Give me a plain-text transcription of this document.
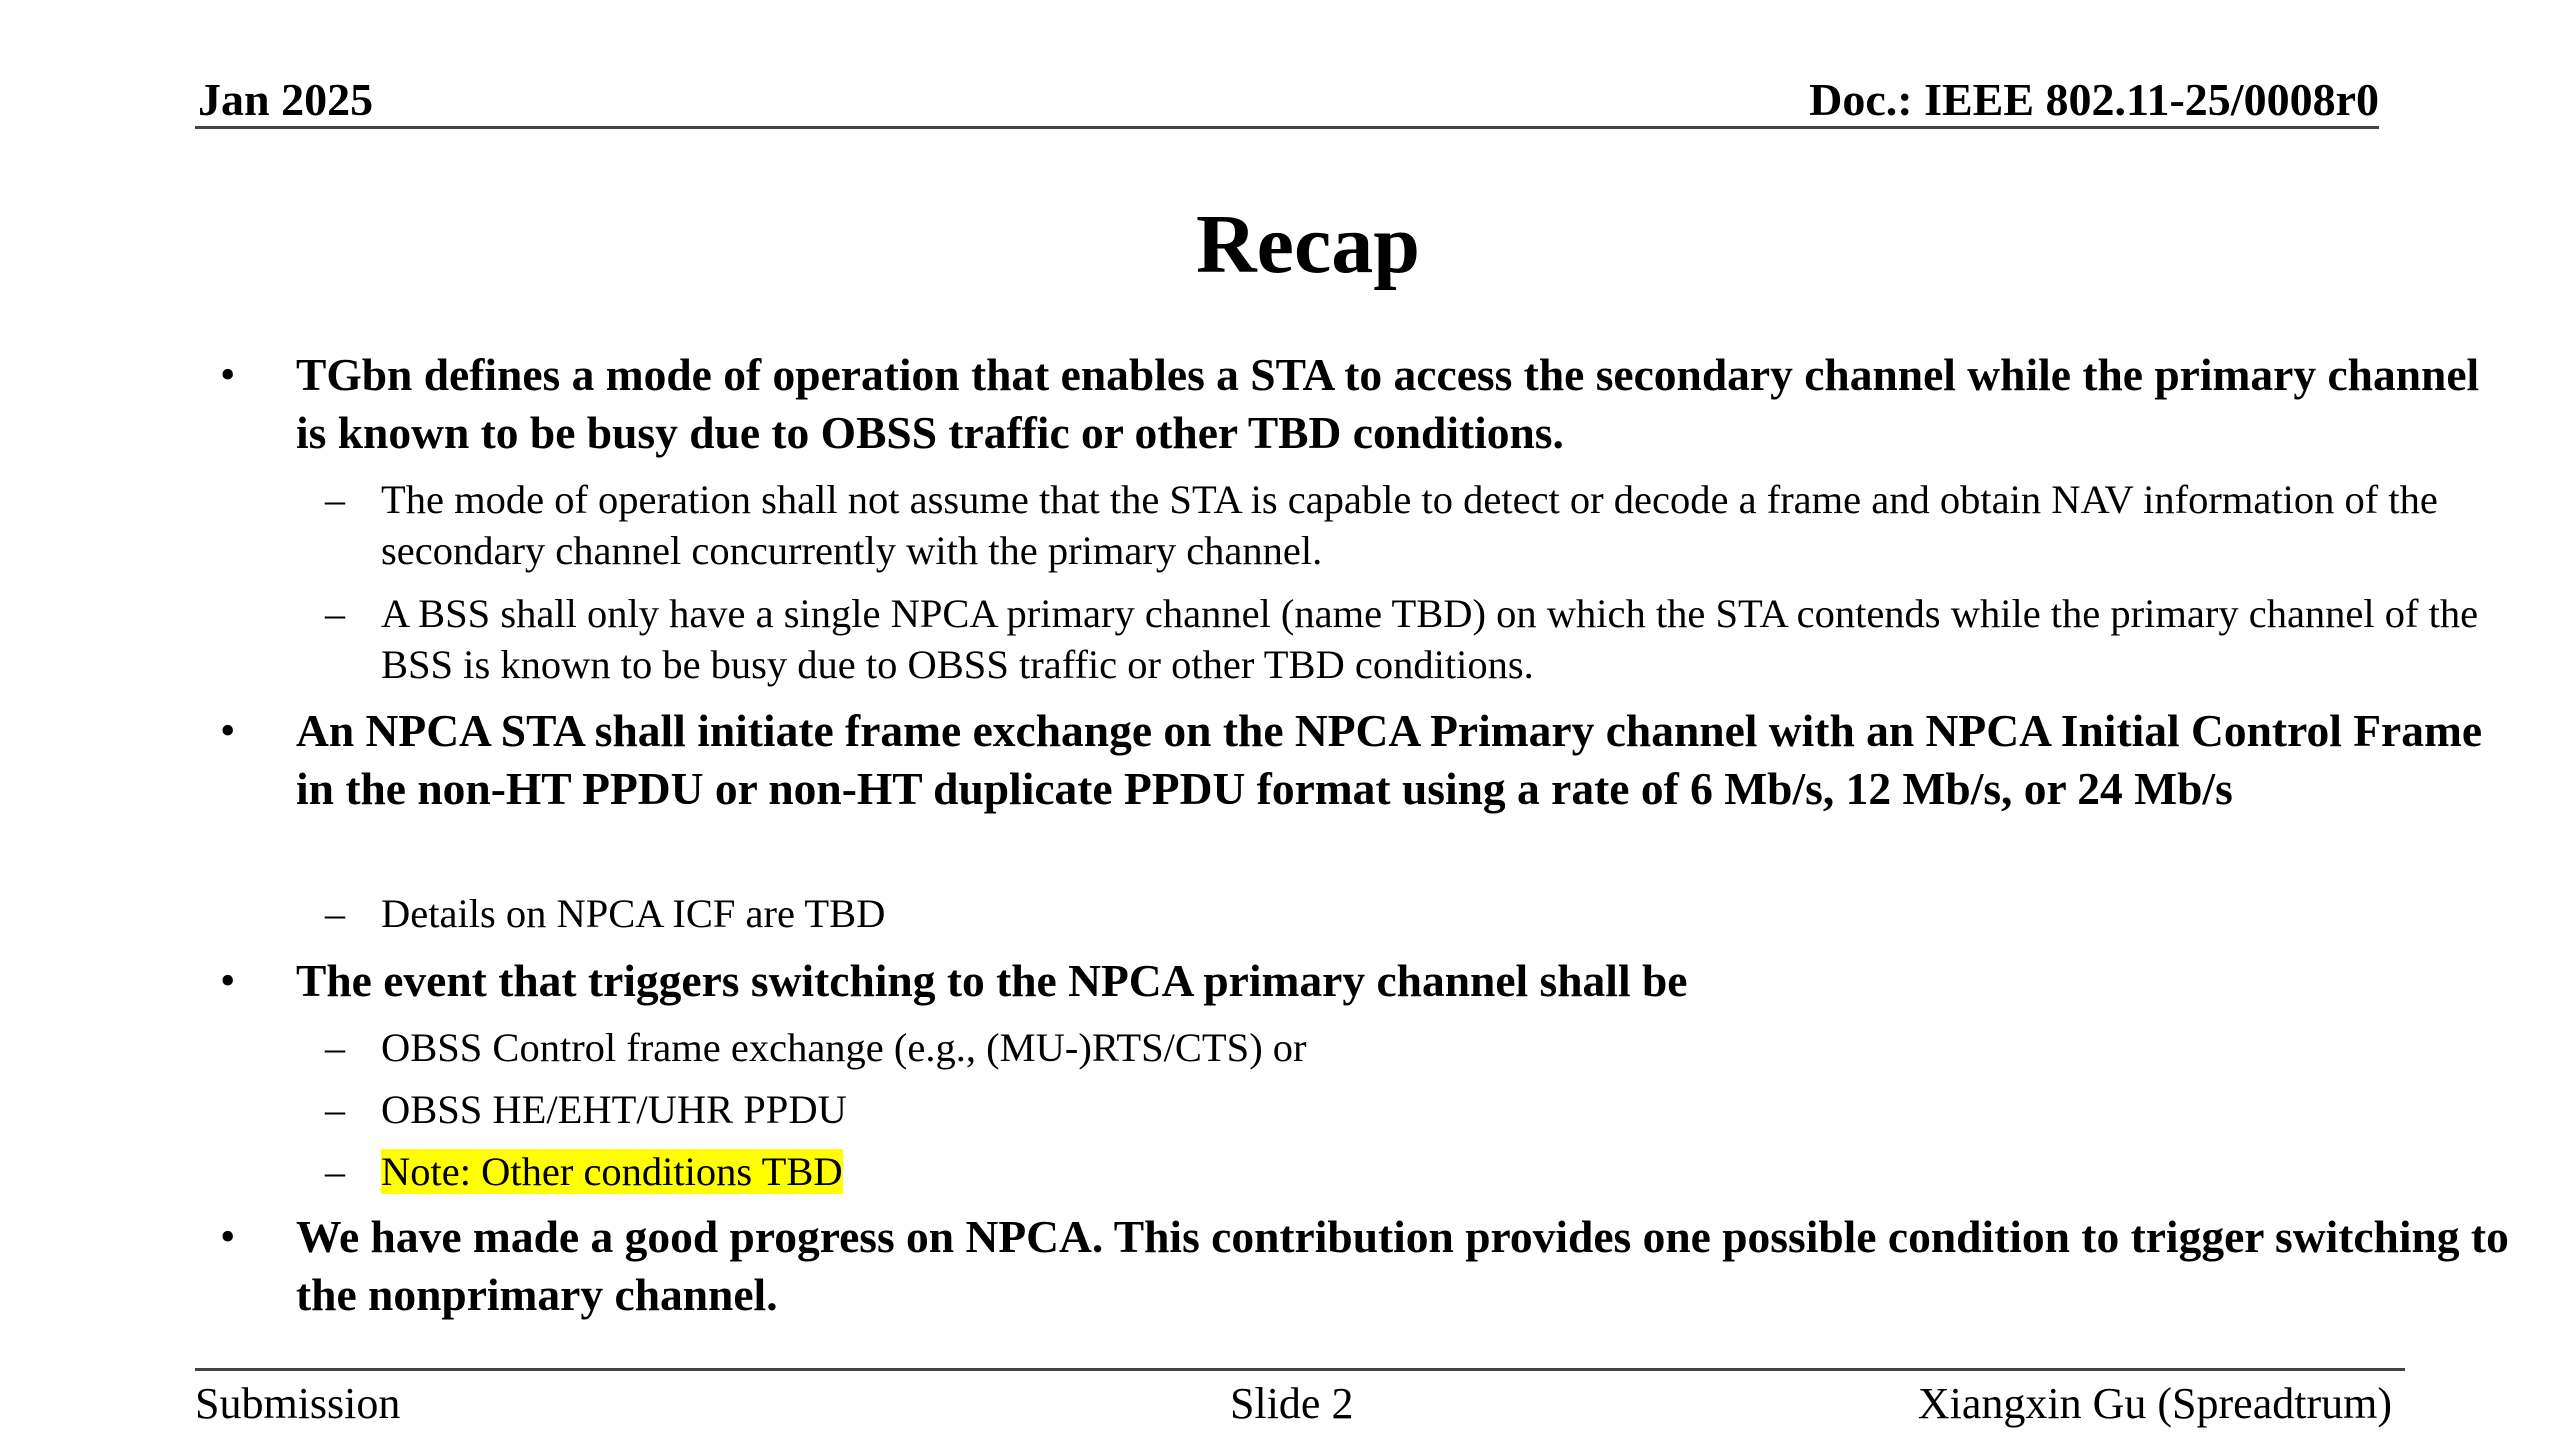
Jan 2025	Doc.: IEEE 802.11-25/0008r0
Recap
• TGbn defines a mode of operation that enables a STA to access the secondary channel while the primary channel is known to be busy due to OBSS traffic or other TBD conditions.
– The mode of operation shall not assume that the STA is capable to detect or decode a frame and obtain NAV information of the secondary channel concurrently with the primary channel.
– A BSS shall only have a single NPCA primary channel (name TBD) on which the STA contends while the primary channel of the BSS is known to be busy due to OBSS traffic or other TBD conditions.
• An NPCA STA shall initiate frame exchange on the NPCA Primary channel with an NPCA Initial Control Frame in the non-HT PPDU or non-HT duplicate PPDU format using a rate of 6 Mb/s, 12 Mb/s, or 24 Mb/s
– Details on NPCA ICF are TBD
• The event that triggers switching to the NPCA primary channel shall be
– OBSS Control frame exchange (e.g., (MU-)RTS/CTS) or
– OBSS HE/EHT/UHR PPDU
– Note: Other conditions TBD
• We have made a good progress on NPCA. This contribution provides one possible condition to trigger switching to the nonprimary channel.
Submission	Slide 2	Xiangxin Gu (Spreadtrum)
